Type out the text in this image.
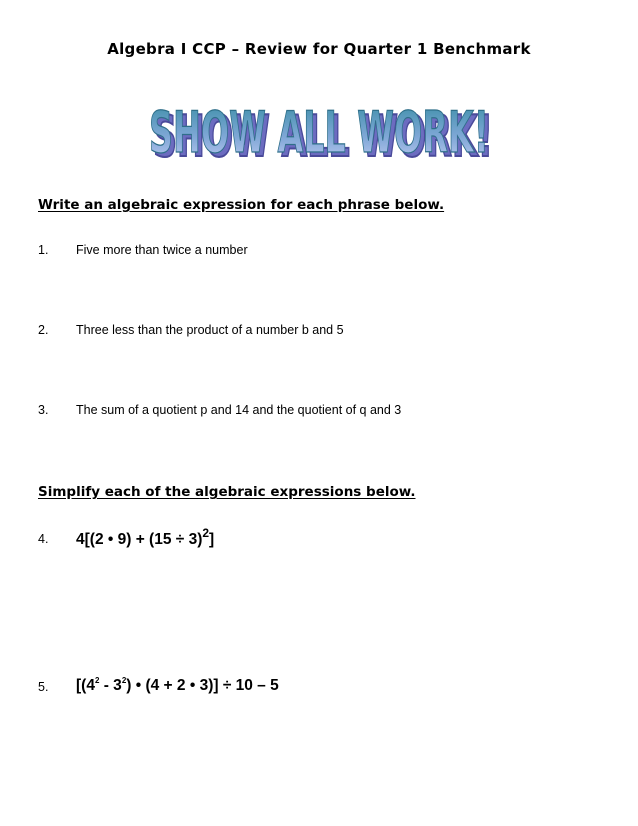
Algebra I CCP – Review for Quarter 1 Benchmark
SHOW ALL WORK!
SHOW ALL WORK!
Write an algebraic expression for each phrase below.
1. Five more than twice a number
2. Three less than the product of a number b and 5
3. The sum of a quotient p and 14 and the quotient of q and 3
Simplify each of the algebraic expressions below.
4. 4[(2 • $9) + (15 \div 3)^2$]
5. [$(4^2 - 3^2)$ • (4 + 2 • 3)] ÷ 10 – 5
